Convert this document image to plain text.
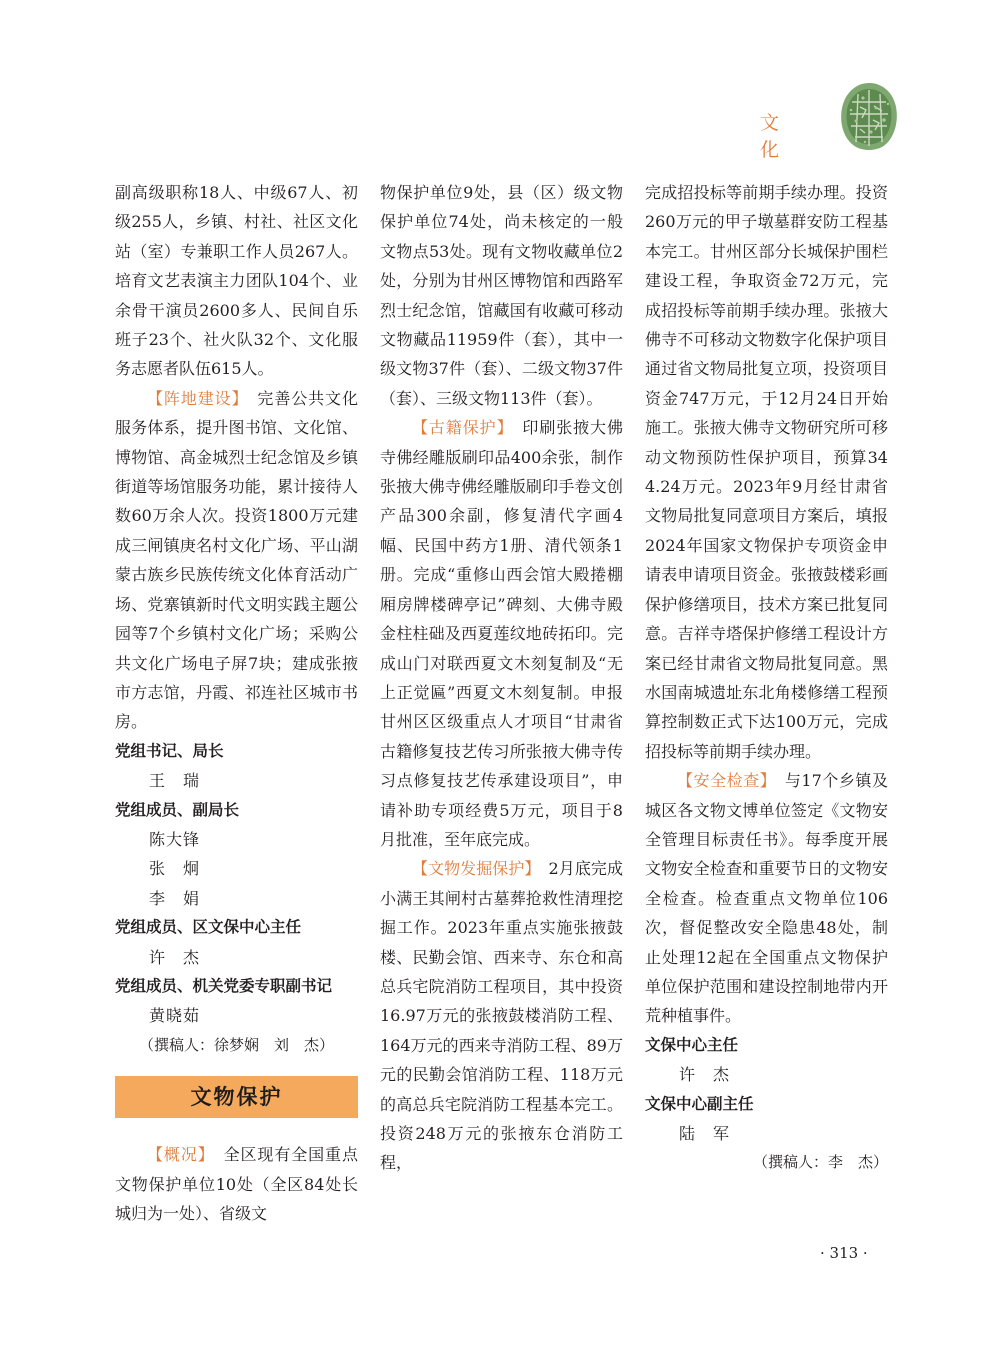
文 化

副高级职称18人、中级67人、初级255人，乡镇、村社、社区文化站（室）专兼职工作人员267人。培育文艺表演主力团队104个、业余骨干演员2600多人、民间自乐班子23个、社火队32个、文化服务志愿者队伍615人。

【阵地建设】　 完善公共文化服务体系，提升图书馆、文化馆、博物馆、高金城烈士纪念馆及乡镇街道等场馆服务功能，累计接待人数60万余人次。投资1800万元建成三闸镇庚名村文化广场、平山湖蒙古族乡民族传统文化体育活动广场、党寨镇新时代文明实践主题公园等7个乡镇村文化广场；采购公共文化广场电子屏7块；建成张掖市方志馆，丹霞、祁连社区城市书房。

党组书记、局长
王　瑞
党组成员、副局长
陈大锋
张　炯
李　娟
党组成员、区文保中心主任
许　杰
党组成员、机关党委专职副书记
黄晓茹
（撰稿人：徐梦娴　刘　杰）
文物保护

【概况】　 全区现有全国重点文物保护单位10处（全区84处长城归为一处）、省级文

物保护单位9处，县（区）级文物保护单位74处，尚未核定的一般文物点53处。现有文物收藏单位2处，分别为甘州区博物馆和西路军烈士纪念馆，馆藏国有收藏可移动文物藏品11959件（套），其中一级文物37件（套）、二级文物37件（套）、三级文物113件（套）。

【古籍保护】　 印刷张掖大佛寺佛经雕版刷印品400余张，制作张掖大佛寺佛经雕版刷印手卷文创产品300余副，修复清代字画4幅、民国中药方1册、清代领条1册。完成“重修山西会馆大殿捲棚厢房牌楼碑亭记”碑刻、大佛寺殿金柱柱础及西夏莲纹地砖拓印。完成山门对联西夏文木刻复制及“无上正觉匾”西夏文木刻复制。申报甘州区区级重点人才项目“甘肃省古籍修复技艺传习所张掖大佛寺传习点修复技艺传承建设项目”，申请补助专项经费5万元，项目于8月批准，至年底完成。

【文物发掘保护】　 2月底完成小满王其闸村古墓葬抢救性清理挖掘工作。2023年重点实施张掖鼓楼、民勤会馆、西来寺、东仓和高总兵宅院消防工程项目，其中投资16.97万元的张掖鼓楼消防工程、164万元的西来寺消防工程、89万元的民勤会馆消防工程、118万元的高总兵宅院消防工程基本完工。投资248万元的张掖东仓消防工程，

完成招投标等前期手续办理。投资260万元的甲子墩墓群安防工程基本完工。甘州区部分长城保护围栏建设工程，争取资金72万元，完成招投标等前期手续办理。张掖大佛寺不可移动文物数字化保护项目通过省文物局批复立项，投资项目资金747万元，于12月24日开始施工。张掖大佛寺文物研究所可移动文物预防性保护项目，预算344.24万元。2023年9月经甘肃省文物局批复同意项目方案后，填报2024年国家文物保护专项资金申请表申请项目资金。张掖鼓楼彩画保护修缮项目，技术方案已批复同意。吉祥寺塔保护修缮工程设计方案已经甘肃省文物局批复同意。黑水国南城遗址东北角楼修缮工程预算控制数正式下达100万元，完成招投标等前期手续办理。

【安全检查】　 与17个乡镇及城区各文物文博单位签定《文物安全管理目标责任书》。每季度开展文物安全检查和重要节日的文物安全检查。检查重点文物单位106次，督促整改安全隐患48处，制止处理12起在全国重点文物保护单位保护范围和建设控制地带内开荒种植事件。

文保中心主任
许　杰
文保中心副主任
陆　军
（撰稿人：李　杰）
· 313 ·
